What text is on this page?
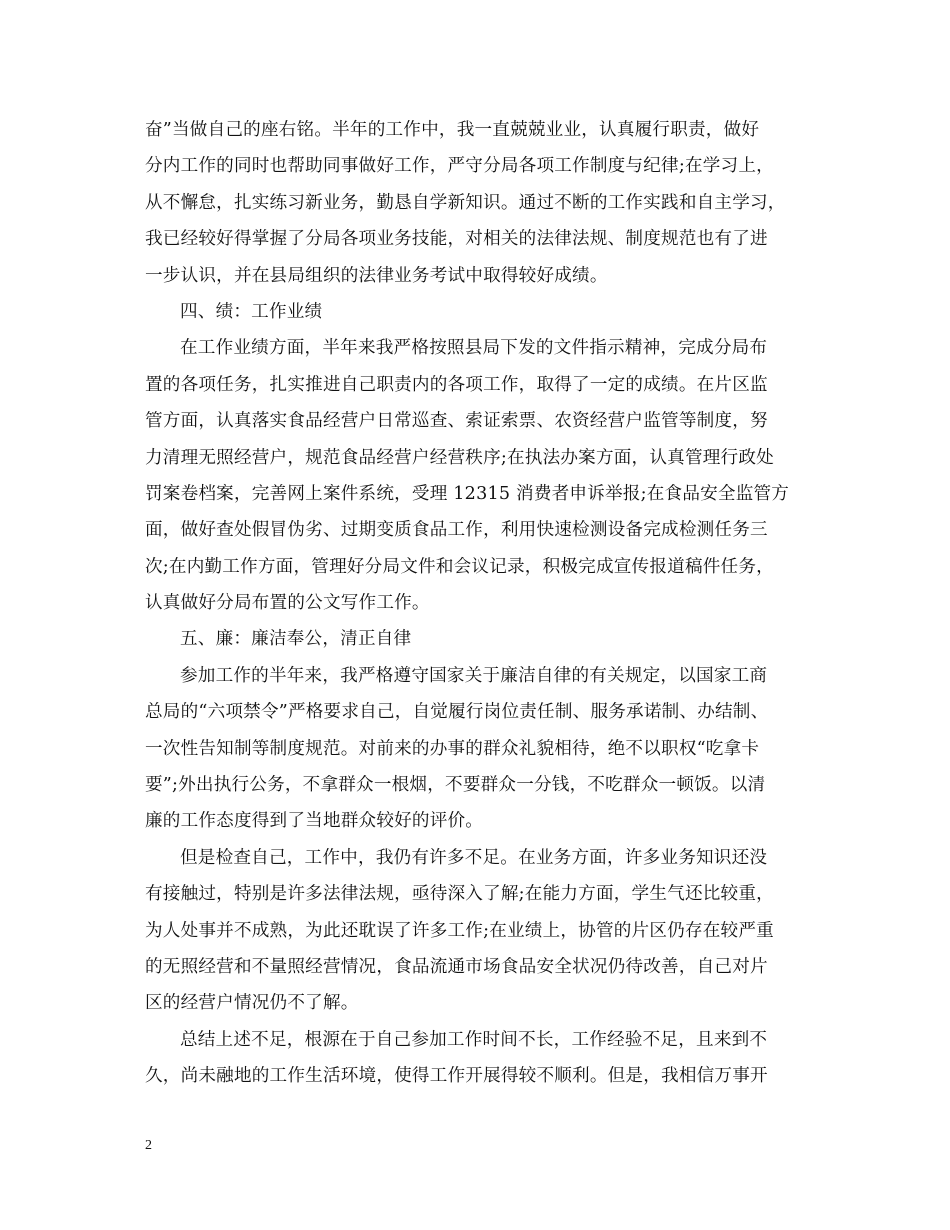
奋”当做自己的座右铭。半年的工作中，我一直兢兢业业，认真履行职责，做好
分内工作的同时也帮助同事做好工作，严守分局各项工作制度与纪律;在学习上，
从不懈怠，扎实练习新业务，勤恳自学新知识。通过不断的工作实践和自主学习，
我已经较好得掌握了分局各项业务技能，对相关的法律法规、制度规范也有了进
一步认识，并在县局组织的法律业务考试中取得较好成绩。
四、绩：工作业绩
在工作业绩方面，半年来我严格按照县局下发的文件指示精神，完成分局布
置的各项任务，扎实推进自己职责内的各项工作，取得了一定的成绩。在片区监
管方面，认真落实食品经营户日常巡查、索证索票、农资经营户监管等制度，努
力清理无照经营户，规范食品经营户经营秩序;在执法办案方面，认真管理行政处
罚案卷档案，完善网上案件系统，受理 12315 消费者申诉举报;在食品安全监管方
面，做好查处假冒伪劣、过期变质食品工作，利用快速检测设备完成检测任务三
次;在内勤工作方面，管理好分局文件和会议记录，积极完成宣传报道稿件任务，
认真做好分局布置的公文写作工作。
五、廉：廉洁奉公，清正自律
参加工作的半年来，我严格遵守国家关于廉洁自律的有关规定，以国家工商
总局的“六项禁令”严格要求自己，自觉履行岗位责任制、服务承诺制、办结制、
一次性告知制等制度规范。对前来的办事的群众礼貌相待，绝不以职权“吃拿卡
要”;外出执行公务，不拿群众一根烟，不要群众一分钱，不吃群众一顿饭。以清
廉的工作态度得到了当地群众较好的评价。
但是检查自己，工作中，我仍有许多不足。在业务方面，许多业务知识还没
有接触过，特别是许多法律法规，亟待深入了解;在能力方面，学生气还比较重，
为人处事并不成熟，为此还耽误了许多工作;在业绩上，协管的片区仍存在较严重
的无照经营和不量照经营情况，食品流通市场食品安全状况仍待改善，自己对片
区的经营户情况仍不了解。
总结上述不足，根源在于自己参加工作时间不长，工作经验不足，且来到不
久，尚未融地的工作生活环境，使得工作开展得较不顺利。但是，我相信万事开
2
